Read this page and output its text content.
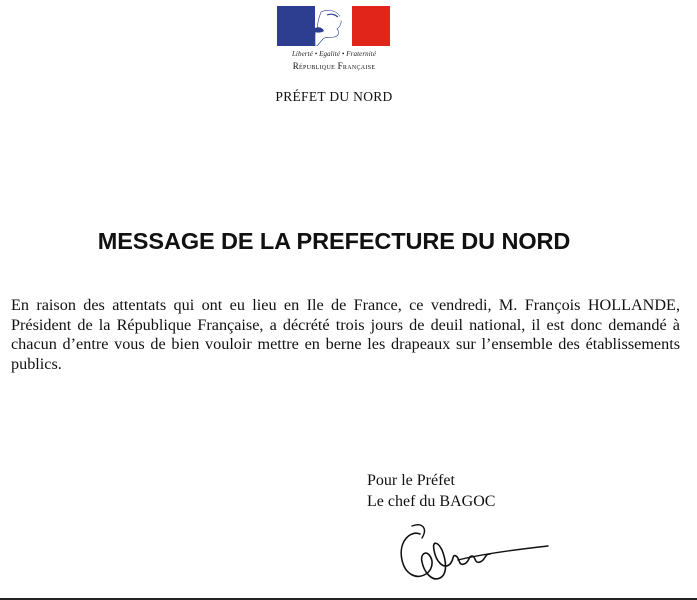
Liberté • Egalité • Fraternité
République Française
PRÉFET DU NORD
MESSAGE DE LA PREFECTURE DU NORD

En raison des attentats qui ont eu lieu en Ile de France, ce vendredi, M. François HOLLANDE, Président de la République Française, a décrété trois jours de deuil national, il est donc demandé à chacun d’entre vous de bien vouloir mettre en berne les drapeaux sur l’ensemble des établissements publics.

Pour le Préfet
Le chef du BAGOC
